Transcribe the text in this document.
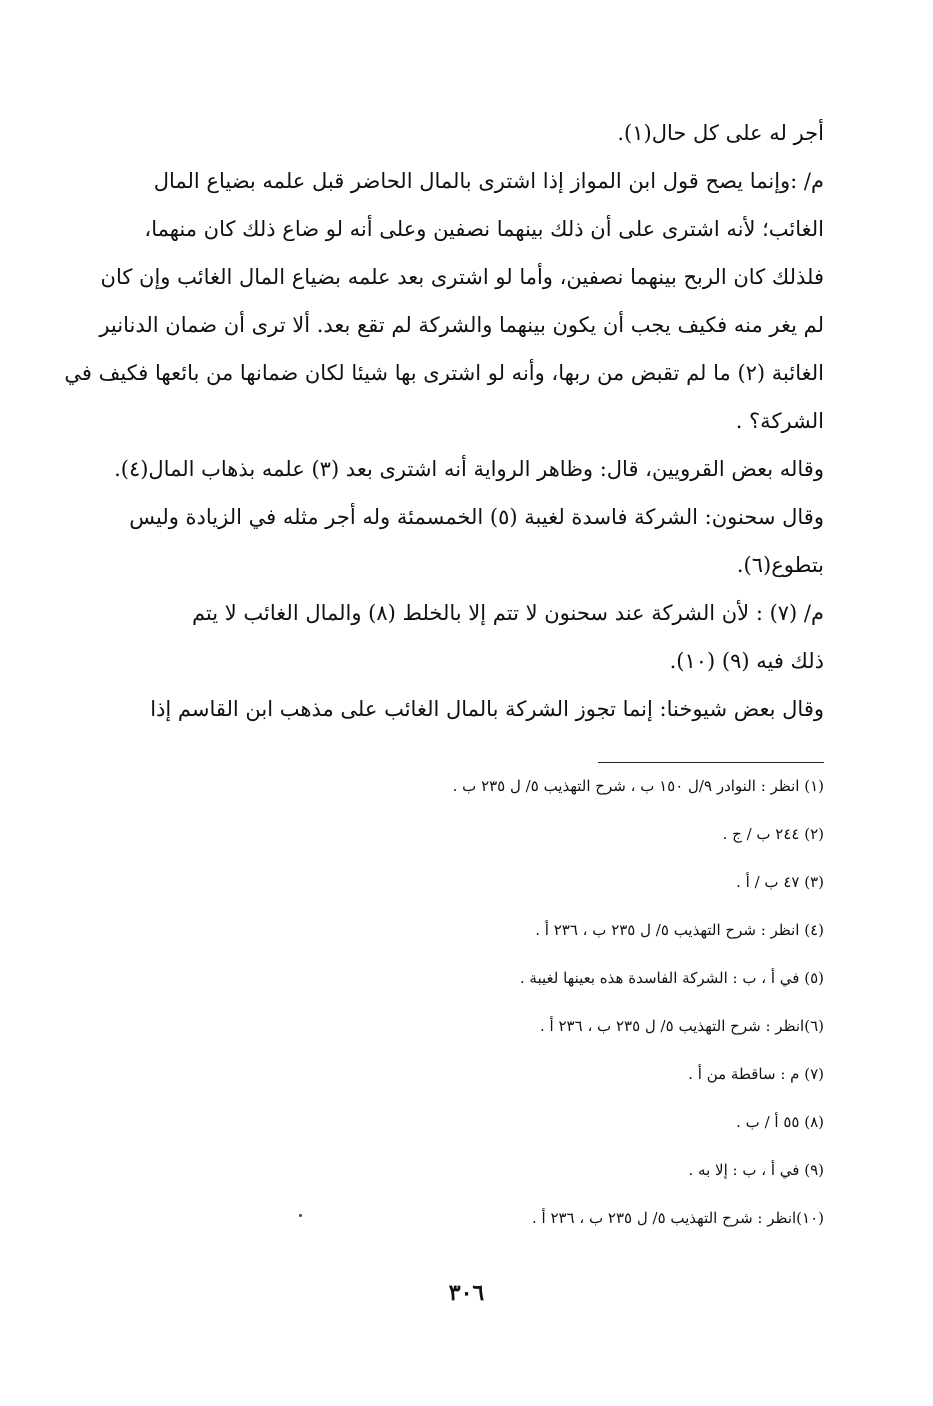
أجر له على كل حال(١).
م/ :وإنما يصح قول ابن المواز إذا اشترى بالمال الحاضر قبل علمه بضياع المال
الغائب؛ لأنه اشترى على أن ذلك بينهما نصفين وعلى أنه لو ضاع ذلك كان منهما،
فلذلك كان الربح بينهما نصفين، وأما لو اشترى بعد علمه بضياع المال الغائب وإن كان
لم يغر منه فكيف يجب أن يكون بينهما والشركة لم تقع بعد. ألا ترى أن ضمان الدنانير
الغائبة (٢) ما لم تقبض من ربها، وأنه لو اشترى بها شيئا لكان ضمانها من بائعها فكيف في
الشركة؟ .
وقاله بعض القرويين، قال: وظاهر الرواية أنه اشترى بعد (٣) علمه بذهاب المال(٤).
وقال سحنون: الشركة فاسدة لغيبة (٥) الخمسمئة وله أجر مثله في الزيادة وليس
بتطوع(٦).
م/ (٧) : لأن الشركة عند سحنون لا تتم إلا بالخلط (٨) والمال الغائب لا يتم
ذلك فيه (٩) (١٠).
وقال بعض شيوخنا: إنما تجوز الشركة بالمال الغائب على مذهب ابن القاسم إذا
(١) انظر : النوادر ٩/ل ١٥٠ ب ، شرح التهذيب ٥/ ل ٢٣٥ ب .
(٢) ٢٤٤ ب / ج .
(٣) ٤٧ ب / أ .
(٤) انظر : شرح التهذيب ٥/ ل ٢٣٥ ب ، ٢٣٦ أ .
(٥) في أ ، ب : الشركة الفاسدة هذه بعينها لغيبة .
(٦)انظر : شرح التهذيب ٥/ ل ٢٣٥ ب ، ٢٣٦ أ .
(٧) م : ساقطة من أ .
(٨) ٥٥ أ / ب .
(٩) في أ ، ب : إلا به .
(١٠)انظر : شرح التهذيب ٥/ ل ٢٣٥ ب ، ٢٣٦ أ .
٣٠٦
